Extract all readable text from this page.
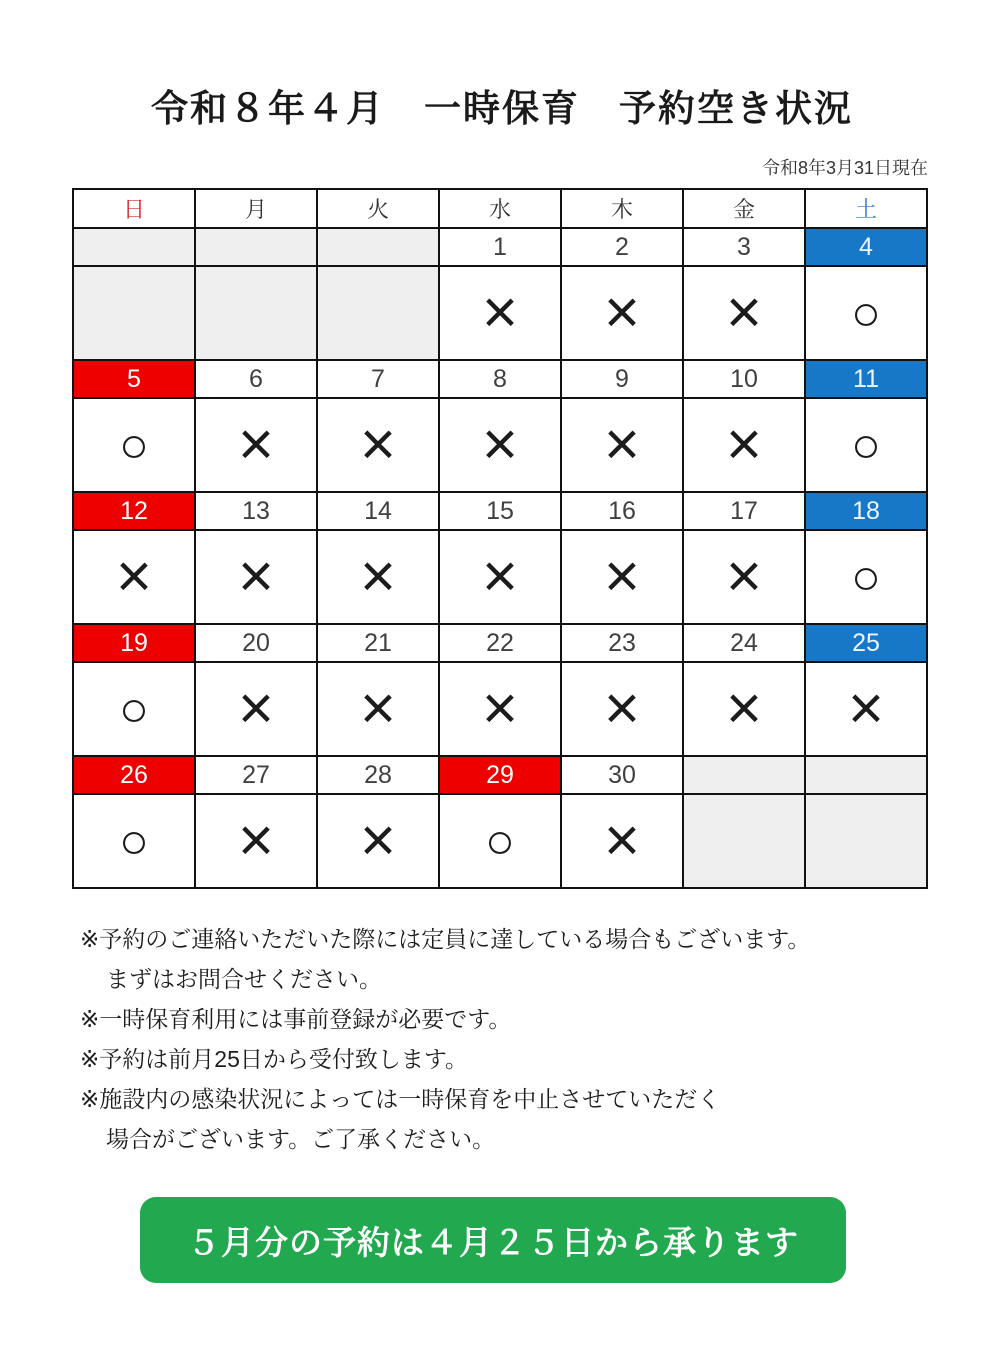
令和８年４月　一時保育　予約空き状況
令和8年3月31日現在
日	月	火	水	木	金	土
			1	2	3	4
			×	×	×	○
5	6	7	8	9	10	11
○	×	×	×	×	×	○
12	13	14	15	16	17	18
×	×	×	×	×	×	○
19	20	21	22	23	24	25
○	×	×	×	×	×	×
26	27	28	29	30		
○	×	×	○	×		
※予約のご連絡いただいた際には定員に達している場合もございます。
まずはお問合せください。
※一時保育利用には事前登録が必要です。
※予約は前月25日から受付致します。
※施設内の感染状況によっては一時保育を中止させていただく
場合がございます。ご了承ください。
５月分の予約は４月２５日から承ります
